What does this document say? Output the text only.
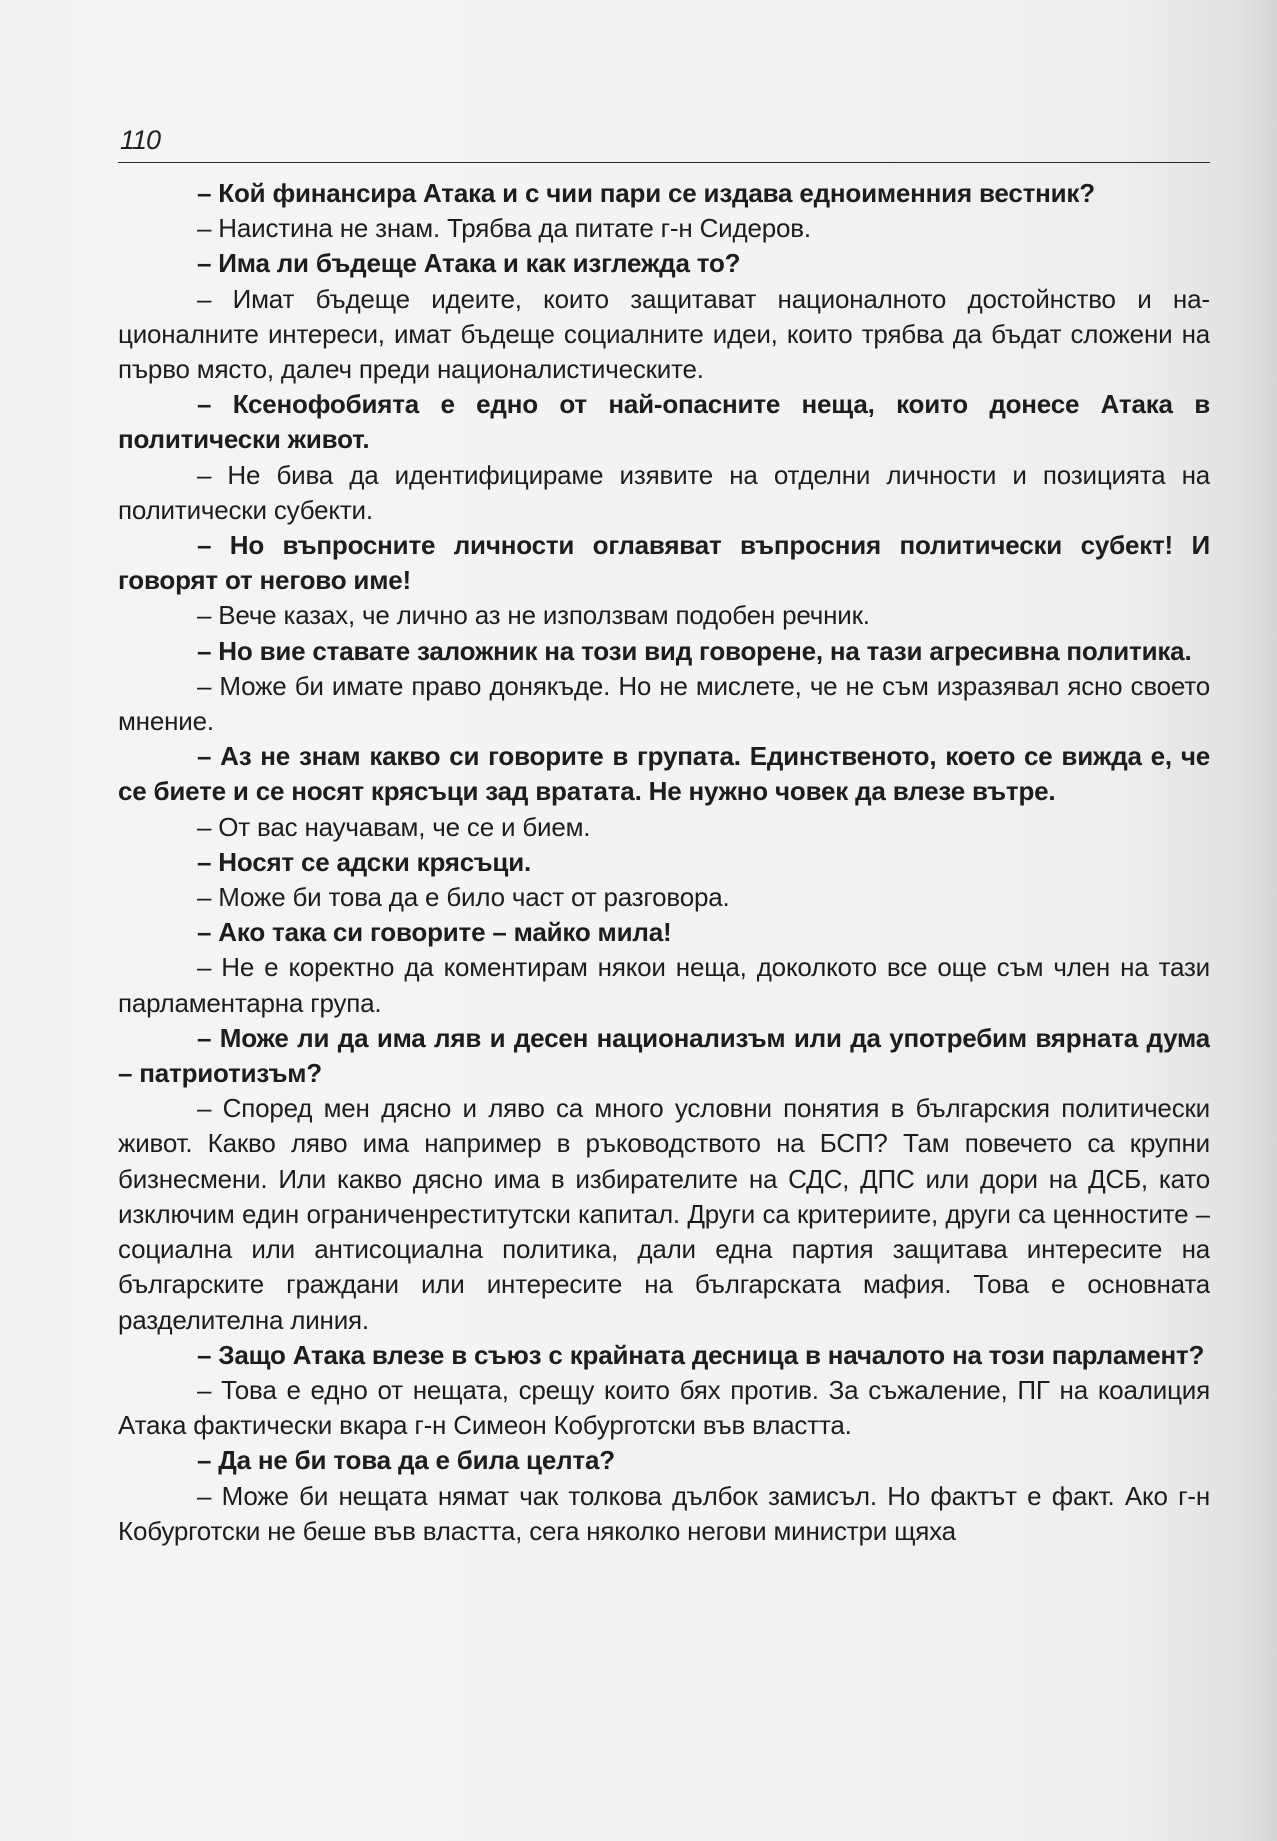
110

– Кой финансира Атака и с чии пари се издава едноименния вестник?

– Наистина не знам. Трябва да питате г-н Сидеров.

– Има ли бъдеще Атака и как изглежда то?

– Имат бъдеще идеите, които защитават националното достойнство и националните интереси, имат бъдеще социалните идеи, които трябва да бъдат сложени на първо място, далеч преди националистическите.

– Ксенофобията е едно от най-опасните неща, които донесе Атака в политически живот.

– Не бива да идентифицираме изявите на отделни личности и позицията на политически субекти.

– Но въпросните личности оглавяват въпросния политически субект! И говорят от негово име!

– Вече казах, че лично аз не използвам подобен речник.

– Но вие ставате заложник на този вид говорене, на тази агресивна политика.

– Може би имате право донякъде. Но не мислете, че не съм изразявал ясно своето мнение.

– Аз не знам какво си говорите в групата. Единственото, което се вижда е, че се биете и се носят крясъци зад вратата. Не нужно човек да влезе вътре.

– От вас научавам, че се и бием.

– Носят се адски крясъци.

– Може би това да е било част от разговора.

– Ако така си говорите – майко мила!

– Не е коректно да коментирам някои неща, доколкото все още съм член на тази парламентарна група.

– Може ли да има ляв и десен национализъм или да употребим вярната дума – патриотизъм?

– Според мен дясно и ляво са много условни понятия в българския политически живот. Какво ляво има например в ръководството на БСП? Там повечето са крупни бизнесмени. Или какво дясно има в избирателите на СДС, ДПС или дори на ДСБ, като изключим един ограниченреститутски капитал. Други са критериите, други са ценностите – социална или антисоциална политика, дали една партия защитава интересите на българските граждани или интересите на българската мафия. Това е основната разделителна линия.

– Защо Атака влезе в съюз с крайната десница в началото на този парламент?

– Това е едно от нещата, срещу които бях против. За съжаление, ПГ на коалиция Атака фактически вкара г-н Симеон Кобурготски във властта.

– Да не би това да е била целта?

– Може би нещата нямат чак толкова дълбок замисъл. Но фактът е факт. Ако г-н Кобурготски не беше във властта, сега няколко негови министри щяха
